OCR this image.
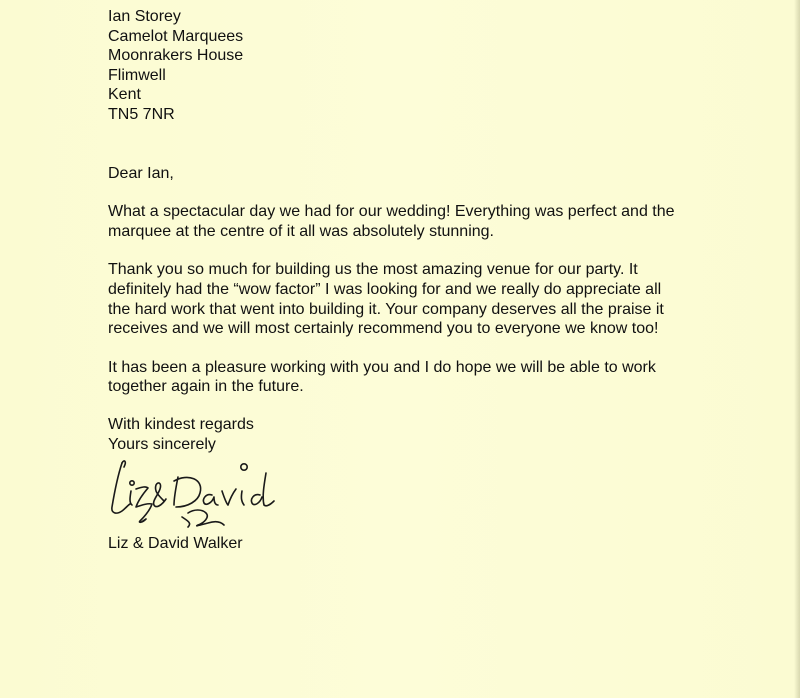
Ian Storey
Camelot Marquees
Moonrakers House
Flimwell
Kent
TN5 7NR
Dear Ian,
What a spectacular day we had for our wedding! Everything was perfect and the
marquee at the centre of it all was absolutely stunning.
Thank you so much for building us the most amazing venue for our party. It
definitely had the “wow factor” I was looking for and we really do appreciate all
the hard work that went into building it. Your company deserves all the praise it
receives and we will most certainly recommend you to everyone we know too!
It has been a pleasure working with you and I do hope we will be able to work
together again in the future.
With kindest regards
Yours sincerely
Liz & David Walker
